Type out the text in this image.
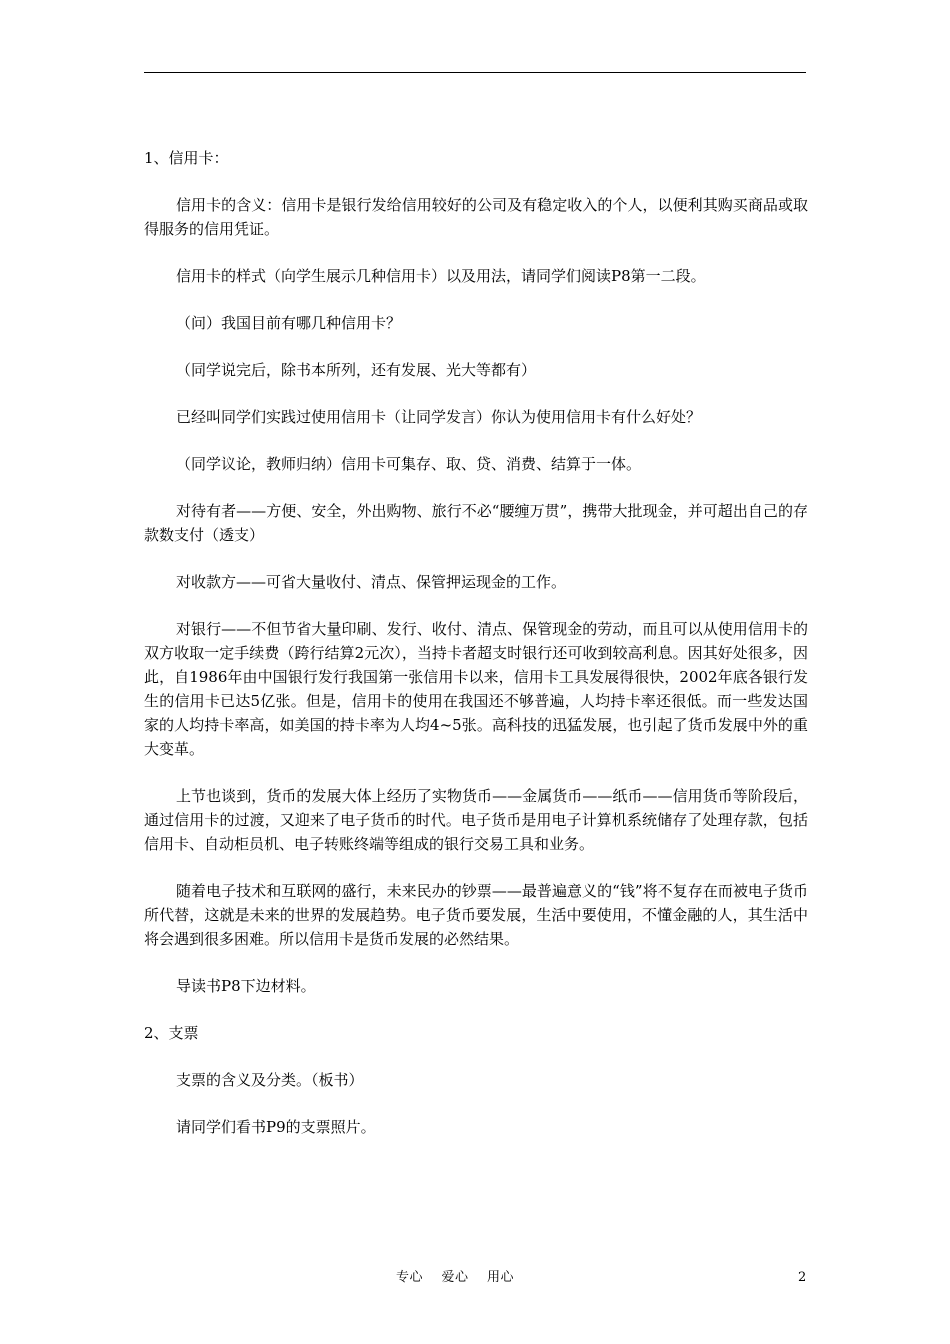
1、信用卡：

信用卡的含义：信用卡是银行发给信用较好的公司及有稳定收入的个人，以便利其购买商品或取得服务的信用凭证。

信用卡的样式（向学生展示几种信用卡）以及用法，请同学们阅读P8第一二段。

（问）我国目前有哪几种信用卡？

（同学说完后，除书本所列，还有发展、光大等都有）

已经叫同学们实践过使用信用卡（让同学发言）你认为使用信用卡有什么好处？

（同学议论，教师归纳）信用卡可集存、取、贷、消费、结算于一体。

对待有者——方便、安全，外出购物、旅行不必“腰缠万贯”，携带大批现金，并可超出自己的存款数支付（透支）

对收款方——可省大量收付、清点、保管押运现金的工作。

对银行——不但节省大量印刷、发行、收付、清点、保管现金的劳动，而且可以从使用信用卡的双方收取一定手续费（跨行结算2元次），当持卡者超支时银行还可收到较高利息。因其好处很多，因此，自1986年由中国银行发行我国第一张信用卡以来，信用卡工具发展得很快，2002年底各银行发生的信用卡已达5亿张。但是，信用卡的使用在我国还不够普遍，人均持卡率还很低。而一些发达国家的人均持卡率高，如美国的持卡率为人均4~5张。高科技的迅猛发展，也引起了货币发展中外的重大变革。

上节也谈到，货币的发展大体上经历了实物货币——金属货币——纸币——信用货币等阶段后，通过信用卡的过渡，又迎来了电子货币的时代。电子货币是用电子计算机系统储存了处理存款，包括信用卡、自动柜员机、电子转账终端等组成的银行交易工具和业务。

随着电子技术和互联网的盛行，未来民办的钞票——最普遍意义的“钱”将不复存在而被电子货币所代替，这就是未来的世界的发展趋势。电子货币要发展，生活中要使用，不懂金融的人，其生活中将会遇到很多困难。所以信用卡是货币发展的必然结果。

导读书P8下边材料。

2、支票

支票的含义及分类。（板书）

请同学们看书P9的支票照片。

专心    爱心    用心	2
